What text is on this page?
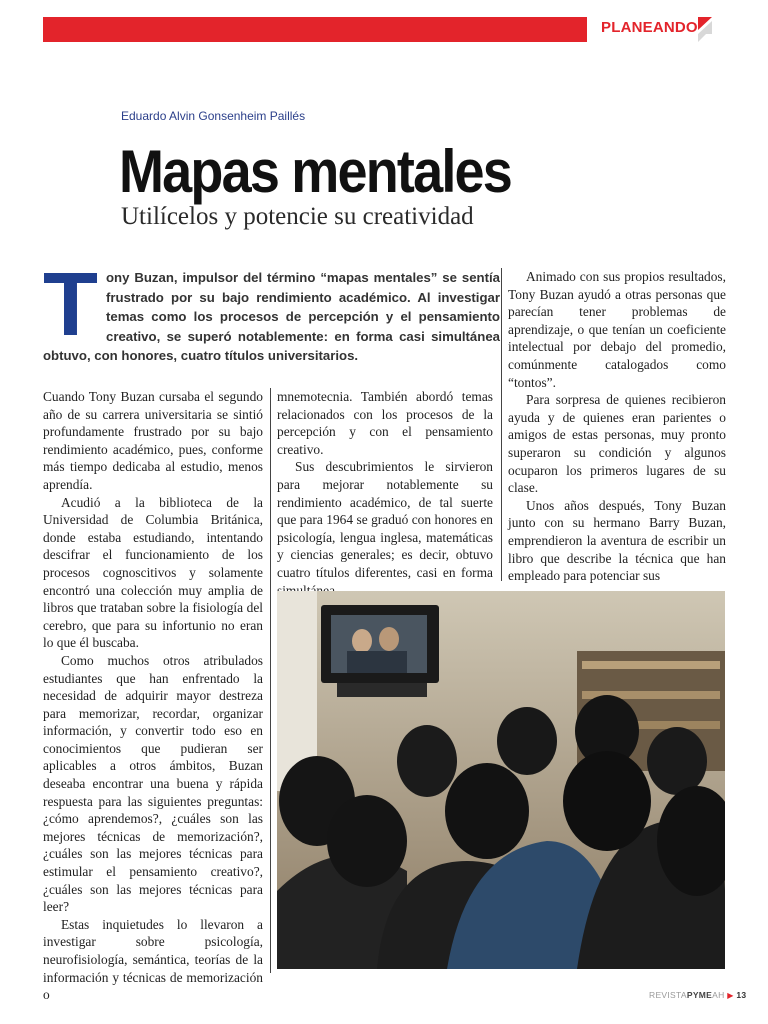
PLANEANDO
Eduardo Alvin Gonsenheim Paillés
Mapas mentales
Utilícelos y potencie su creatividad
T ony Buzan, impulsor del término “mapas mentales” se sentía frustrado por su bajo rendimiento académico. Al investigar temas como los procesos de percepción y el pensamiento creativo, se superó notablemente: en forma casi simultánea obtuvo, con honores, cuatro títulos universitarios.

Cuando Tony Buzan cursaba el segundo año de su carrera universitaria se sintió profundamente frustrado por su bajo rendimiento académico, pues, conforme más tiempo dedicaba al estudio, menos aprendía.

Acudió a la biblioteca de la Universidad de Columbia Británica, donde estaba estudiando, intentando descifrar el funcionamiento de los procesos cognoscitivos y solamente encontró una colección muy amplia de libros que trataban sobre la fisiología del cerebro, que para su infortunio no eran lo que él buscaba.

Como muchos otros atribulados estudiantes que han enfrentado la necesidad de adquirir mayor destreza para memorizar, recordar, organizar información, y convertir todo eso en conocimientos que pudieran ser aplicables a otros ámbitos, Buzan deseaba encontrar una buena y rápida respuesta para las siguientes preguntas: ¿cómo aprendemos?, ¿cuáles son las mejores técnicas de memorización?, ¿cuáles son las mejores técnicas para estimular el pensamiento creativo?, ¿cuáles son las mejores técnicas para leer?

Estas inquietudes lo llevaron a investigar sobre psicología, neurofisiología, semántica, teorías de la información y técnicas de memorización o

mnemotecnia. También abordó temas relacionados con los procesos de la percepción y con el pensamiento creativo.

Sus descubrimientos le sirvieron para mejorar notablemente su rendimiento académico, de tal suerte que para 1964 se graduó con honores en psicología, lengua inglesa, matemáticas y ciencias generales; es decir, obtuvo cuatro títulos diferentes, casi en forma

Animado con sus propios resultados, Tony Buzan ayudó a otras personas que parecían tener problemas de aprendizaje, o que tenían un coeficiente intelectual por debajo del promedio, comúnmente catalogados como “tontos”.

Para sorpresa de quienes recibieron ayuda y de quienes eran parientes o amigos de estas personas, muy pronto superaron su condición y algunos ocuparon los primeros lugares de su clase.

Unos años después, Tony Buzan junto con su hermano Barry Buzan, emprendieron la aventura de escribir un libro que describe la técnica que han empleado para potenciar sus

REVISTAPYMEAH ▶ 13
